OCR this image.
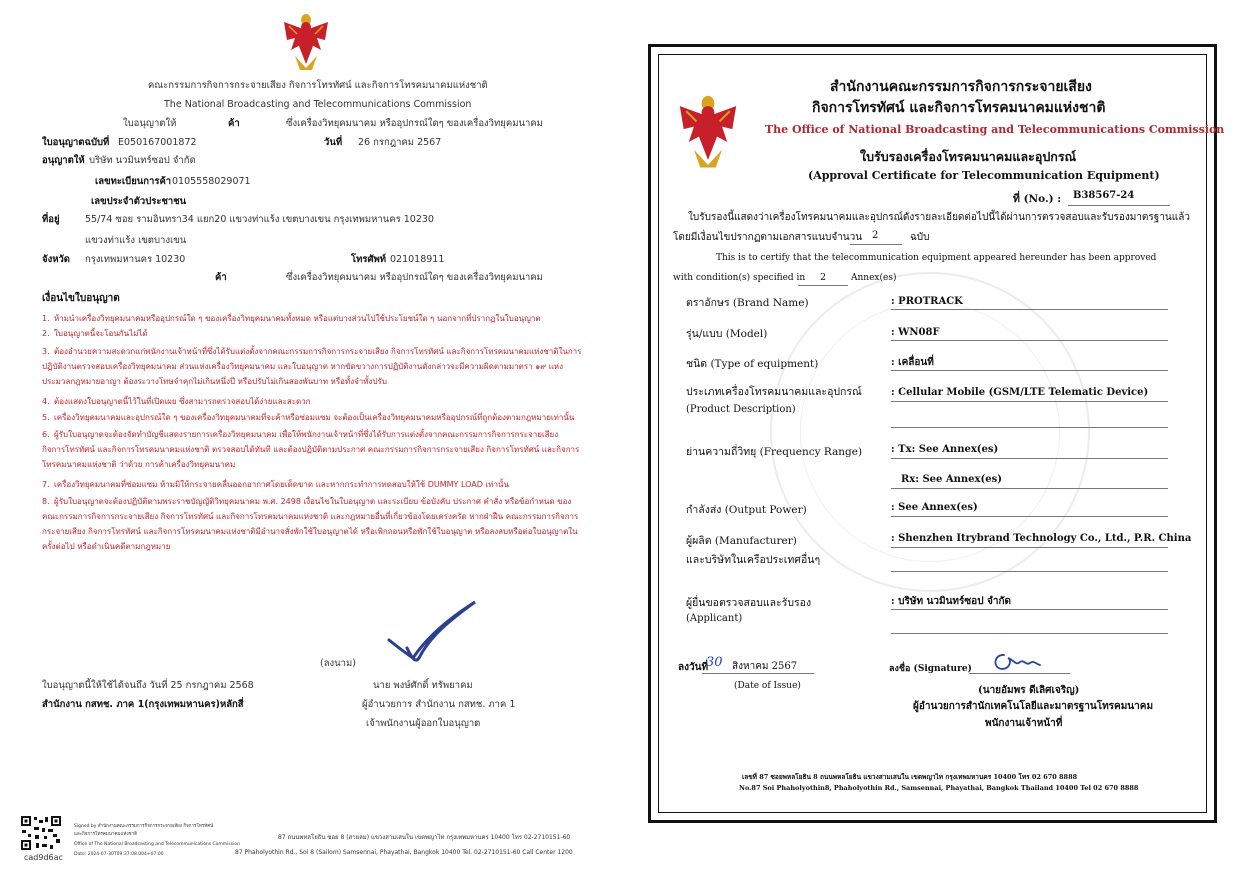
คณะกรรมการกิจการกระจายเสียง กิจการโทรทัศน์ และกิจการโทรคมนาคมแห่งชาติ
The National Broadcasting and Telecommunications Commission
ใบอนุญาตให้	ค้า	ซึ่งเครื่องวิทยุคมนาคม หรืออุปกรณ์ใดๆ ของเครื่องวิทยุคมนาคม
ใบอนุญาตฉบับที่ E050167001872	วันที่ 26 กรกฎาคม 2567
อนุญาตให้ บริษัท นวมินทร์ซอป จำกัด
เลขทะเบียนการค้า 0105558029071
เลขประจำตัวประชาชน
ที่อยู่	55/74 ซอย รามอินทรา34 แยก20 แขวงท่าแร้ง เขตบางเขน กรุงเทพมหานคร 10230
แขวงท่าแร้ง เขตบางเขน
จังหวัด กรุงเทพมหานคร 10230	โทรศัพท์ 021018911
ค้า	ซึ่งเครื่องวิทยุคมนาคม หรืออุปกรณ์ใดๆ ของเครื่องวิทยุคมนาคม
เงื่อนไขใบอนุญาต
1. ห้ามนำเครื่องวิทยุคมนาคมหรืออุปกรณ์ใด ๆ ของเครื่องวิทยุคมนาคมทั้งหมด หรือแต่บางส่วนไปใช้ประโยชน์ใด ๆ นอกจากที่ปรากฏในใบอนุญาต
2. ใบอนุญาตนี้จะโอนกันไม่ได้
3. ต้องอำนวยความสะดวกแก่พนักงานเจ้าหน้าที่ซึ่งได้รับแต่งตั้งจากคณะกรรมการกิจการกระจายเสียง กิจการโทรทัศน์ และกิจการโทรคมนาคมแห่งชาติในการปฏิบัติงานตรวจสอบเครื่องวิทยุคมนาคม ส่วนแห่งเครื่องวิทยุคมนาคม และใบอนุญาต หากขัดขวางการปฏิบัติงานดังกล่าวจะมีความผิดตามมาตรา ๑๙ แห่งประมวลกฎหมายอาญา ต้องระวางโทษจำคุกไม่เกินหนึ่งปี หรือปรับไม่เกินสองพันบาท หรือทั้งจำทั้งปรับ
4. ต้องแสดงใบอนุญาตนี้ไว้ในที่เปิดเผย ซึ่งสามารถตรวจสอบได้ง่ายและสะดวก
5. เครื่องวิทยุคมนาคมและอุปกรณ์ใด ๆ ของเครื่องวิทยุคมนาคมที่จะค้าหรือซ่อมแซม จะต้องเป็นเครื่องวิทยุคมนาคมหรืออุปกรณ์ที่ถูกต้องตามกฎหมายเท่านั้น
6. ผู้รับใบอนุญาตจะต้องจัดทำบัญชีแสดงรายการเครื่องวิทยุคมนาคม เพื่อให้พนักงานเจ้าหน้าที่ซึ่งได้รับการแต่งตั้งจากคณะกรรมการกิจการกระจายเสียง กิจการโทรทัศน์ และกิจการโทรคมนาคมแห่งชาติ ตรวจสอบได้ทันที และต้องปฏิบัติตามประกาศ คณะกรรมการกิจการกระจายเสียง กิจการโทรทัศน์ และกิจการโทรคมนาคมแห่งชาติ ว่าด้วย การค้าเครื่องวิทยุคมนาคม
7. เครื่องวิทยุคมนาคมที่ซ่อมแซม ห้ามมิให้กระจายคลื่นออกอากาศโดยเด็ดขาด และหากกระทำการทดสอบให้ใช้ DUMMY LOAD เท่านั้น
8. ผู้รับใบอนุญาตจะต้องปฏิบัติตามพระราชบัญญัติวิทยุคมนาคม พ.ศ. 2498 เงื่อนไขในใบอนุญาต และระเบียบ ข้อบังคับ ประกาศ คำสั่ง หรือข้อกำหนด ของคณะกรรมการกิจการกระจายเสียง กิจการโทรทัศน์ และกิจการโทรคมนาคมแห่งชาติ และกฎหมายอื่นที่เกี่ยวข้องโดยเคร่งครัด หากฝ่าฝืน คณะกรรมการกิจการกระจายเสียง กิจการโทรทัศน์ และกิจการโทรคมนาคมแห่งชาติมีอำนาจสั่งพักใช้ใบอนุญาตได้ หรือเพิกถอนหรือพักใช้ใบอนุญาต หรือลงลบหรือต่อใบอนุญาตในครั้งต่อไป หรือดำเนินคดีตามกฎหมาย
(ลงนาม)
ใบอนุญาตนี้ให้ใช้ได้จนถึง วันที่ 25 กรกฎาคม 2568	นาย พงษ์ศักดิ์ ทรัพยาคม
สำนักงาน กสทช. ภาค 1(กรุงเทพมหานคร)หลักสี่	ผู้อำนวยการ สำนักงาน กสทช. ภาค 1
เจ้าพนักงานผู้ออกใบอนุญาต
cad9d6ac
Signed by สำนักงานคณะกรรมการกิจการกระจายเสียง กิจการโทรทัศน์
และกิจการโทรคมนาคมแห่งชาติ
Office of The National Broadcasting and Telecommunications Commission
Date: 2024-07-30T09:37:08.004+07:00
87 ถนนพหลโยธิน ซอย 8 (สายลม) แขวงสามเสนใน เขตพญาไท กรุงเทพมหานคร 10400 โทร 02-2710151-60
87 Phaholyothin Rd., Soi 8 (Sailom) Samsennai, Phayathai, Bangkok 10400 Tel. 02-2710151-60 Call Center 1200
สำนักงานคณะกรรมการกิจการกระจายเสียง
กิจการโทรทัศน์ และกิจการโทรคมนาคมแห่งชาติ
The Office of National Broadcasting and Telecommunications Commission
ใบรับรองเครื่องโทรคมนาคมและอุปกรณ์
(Approval Certificate for Telecommunication Equipment)
ที่ (No.) : B38567-24
ใบรับรองนี้แสดงว่าเครื่องโทรคมนาคมและอุปกรณ์ดังรายละเอียดต่อไปนี้ได้ผ่านการตรวจสอบและรับรองมาตรฐานแล้ว
โดยมีเงื่อนไขปรากฏตามเอกสารแนบจำนวน 2	ฉบับ
This is to certify that the telecommunication equipment appeared hereunder has been approved
with condition(s) specified in 2	Annex(es)
ตราอักษร (Brand Name)	: PROTRACK
รุ่น/แบบ (Model)	: WN08F
ชนิด (Type of equipment)	: เคลื่อนที่
ประเภทเครื่องโทรคมนาคมและอุปกรณ์
(Product Description)
: Cellular Mobile (GSM/LTE Telematic Device)
ย่านความถี่วิทยุ (Frequency Range)	: Tx: See Annex(es)
Rx: See Annex(es)
กำลังส่ง (Output Power)	: See Annex(es)
ผู้ผลิต (Manufacturer)
และบริษัทในเครือประเทศอื่นๆ
: Shenzhen Itrybrand Technology Co., Ltd., P.R. China
ผู้ยื่นขอตรวจสอบและรับรอง
(Applicant)
: บริษัท นวมินทร์ซอป จำกัด
ลงวันที่
30 สิงหาคม 2567
(Date of Issue)
ลงชื่อ (Signature)
(นายอัมพร ดีเลิศเจริญ)
ผู้อำนวยการสำนักเทคโนโลยีและมาตรฐานโทรคมนาคม
พนักงานเจ้าหน้าที่
เลขที่ 87 ซอยพหลโยธิน 8 ถนนพหลโยธิน แขวงสามเสนใน เขตพญาไท กรุงเทพมหานคร 10400 โทร 02 670 8888
No.87 Soi Phaholyothin8, Phaholyothin Rd., Samsennai, Phayathai, Bangkok Thailand 10400 Tel 02 670 8888
